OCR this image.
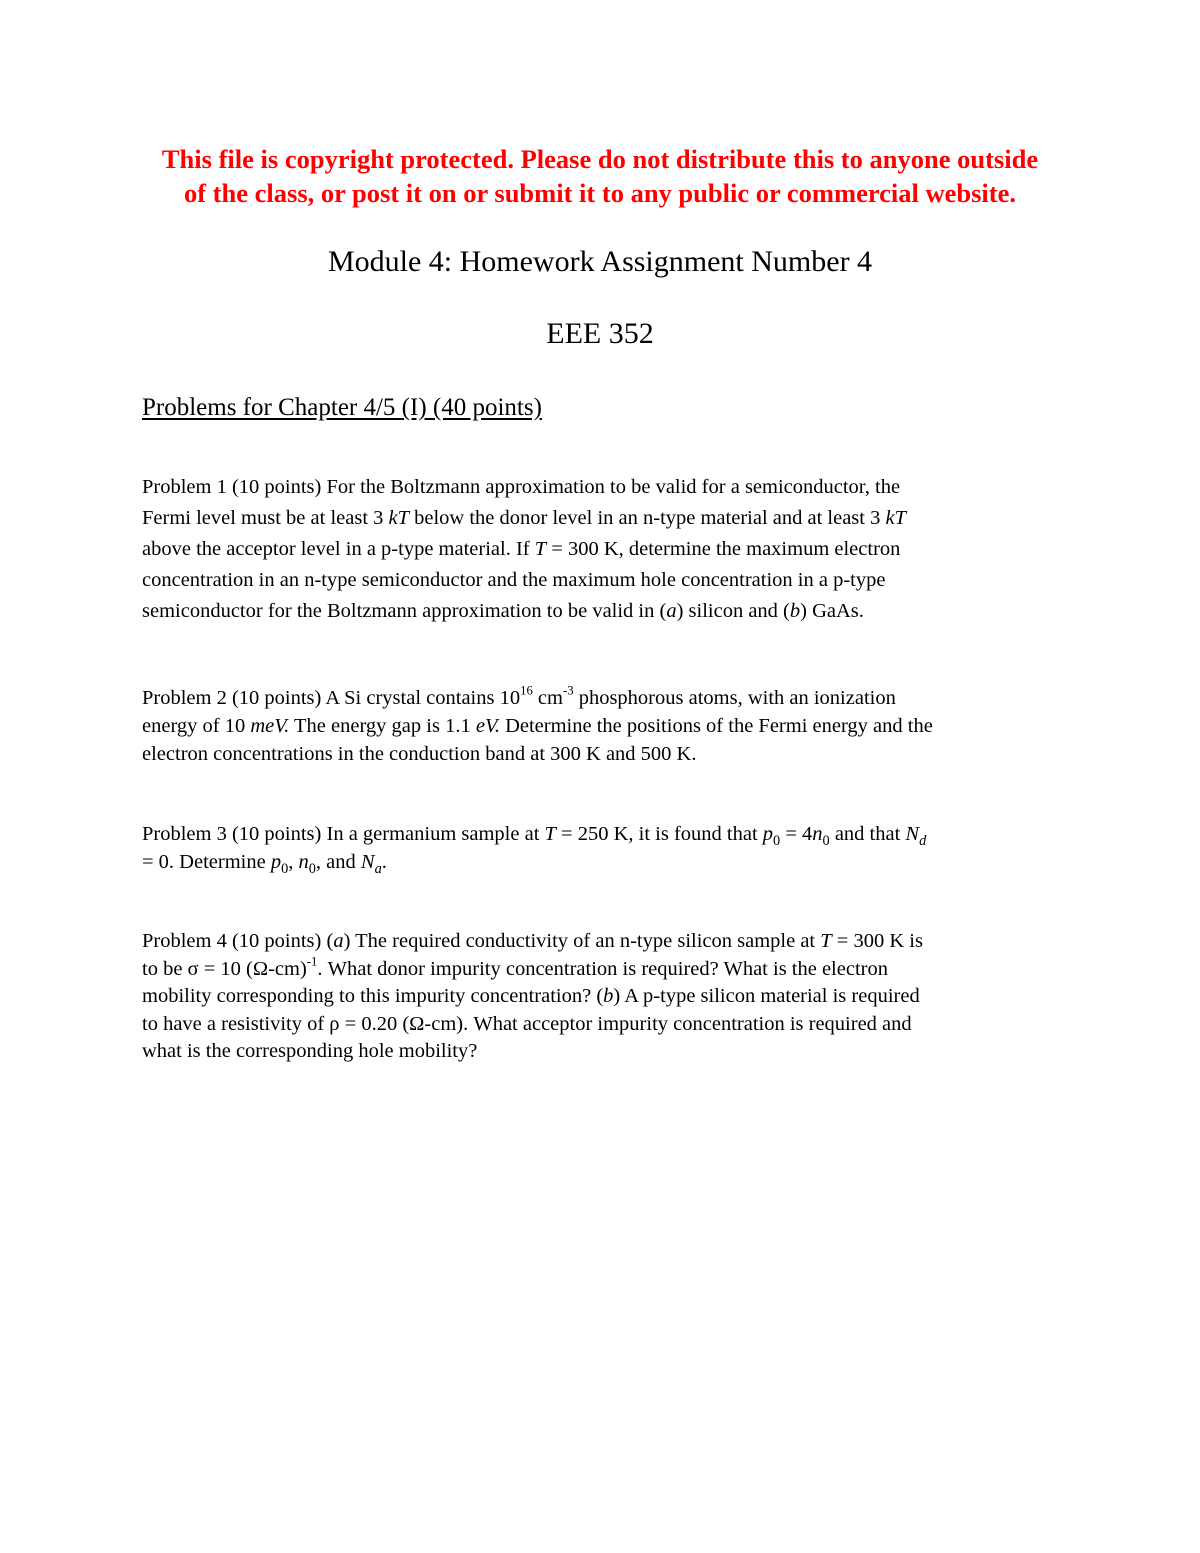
This file is copyright protected. Please do not distribute this to anyone outside
of the class, or post it on or submit it to any public or commercial website.
Module 4: Homework Assignment Number 4
EEE 352
Problems for Chapter 4/5 (I) (40 points)
Problem 1 (10 points) For the Boltzmann approximation to be valid for a semiconductor, the
Fermi level must be at least 3 kT below the donor level in an n-type material and at least 3 kT
above the acceptor level in a p-type material. If T = 300 K, determine the maximum electron
concentration in an n-type semiconductor and the maximum hole concentration in a p-type
semiconductor for the Boltzmann approximation to be valid in (a) silicon and (b) GaAs.
Problem 2 (10 points) A Si crystal contains $10^{16}$ $cm^{-3}$ phosphorous atoms, with an ionization
energy of 10 meV. The energy gap is 1.1 eV. Determine the positions of the Fermi energy and the
electron concentrations in the conduction band at 300 K and 500 K.
Problem 3 (10 points) In a germanium sample at T = 250 K, it is found that $p_0 = 4n_0$ and that $N_d$
= 0. Determine $p_0$, $n_0$, and $N_a$.
Problem 4 (10 points) (a) The required conductivity of an n-type silicon sample at T = 300 K is
to be σ = 10 $(\Omega-cm)^{-1}$. What donor impurity concentration is required? What is the electron
mobility corresponding to this impurity concentration? (b) A p-type silicon material is required
to have a resistivity of ρ = 0.20 (Ω-cm). What acceptor impurity concentration is required and
what is the corresponding hole mobility?
